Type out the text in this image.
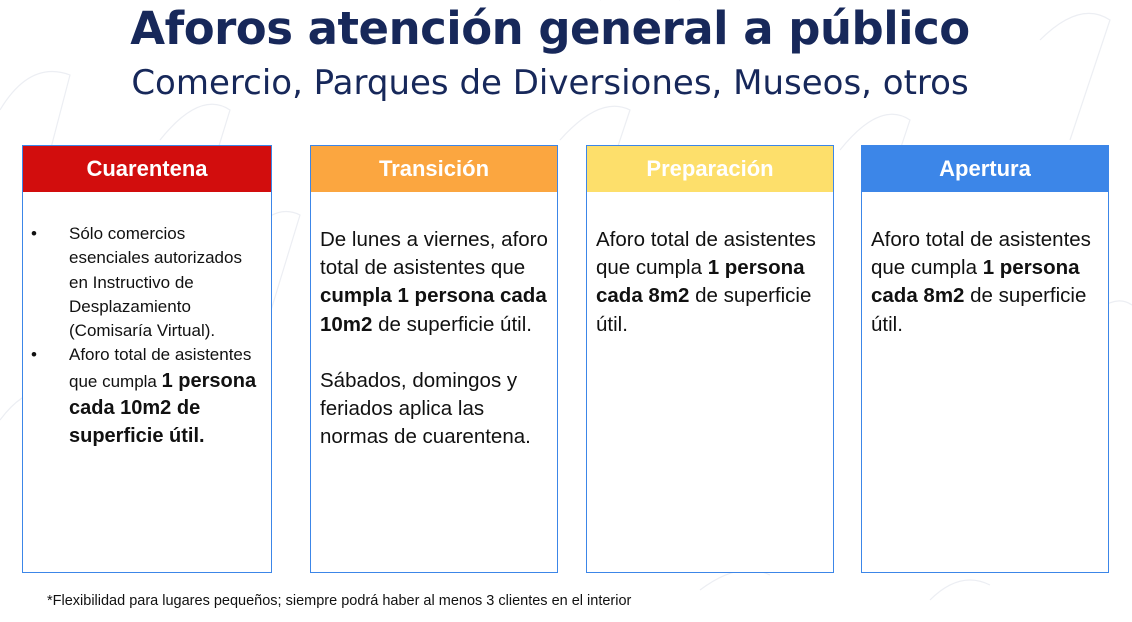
Aforos atención general a público
Comercio, Parques de Diversiones, Museos, otros
Cuarentena
• Sólo comercios esenciales autorizados en Instructivo de Desplazamiento (Comisaría Virtual).
• Aforo total de asistentes que cumpla 1 persona cada 10m2 de superficie útil.
Transición

De lunes a viernes, aforo total de asistentes que cumpla 1 persona cada 10m2 de superficie útil.

Sábados, domingos y feriados aplica las normas de cuarentena.

Preparación

Aforo total de asistentes que cumpla 1 persona cada 8m2 de superficie útil.

Apertura

Aforo total de asistentes que cumpla 1 persona cada 8m2 de superficie útil.

*Flexibilidad para lugares pequeños; siempre podrá haber al menos 3 clientes en el interior
